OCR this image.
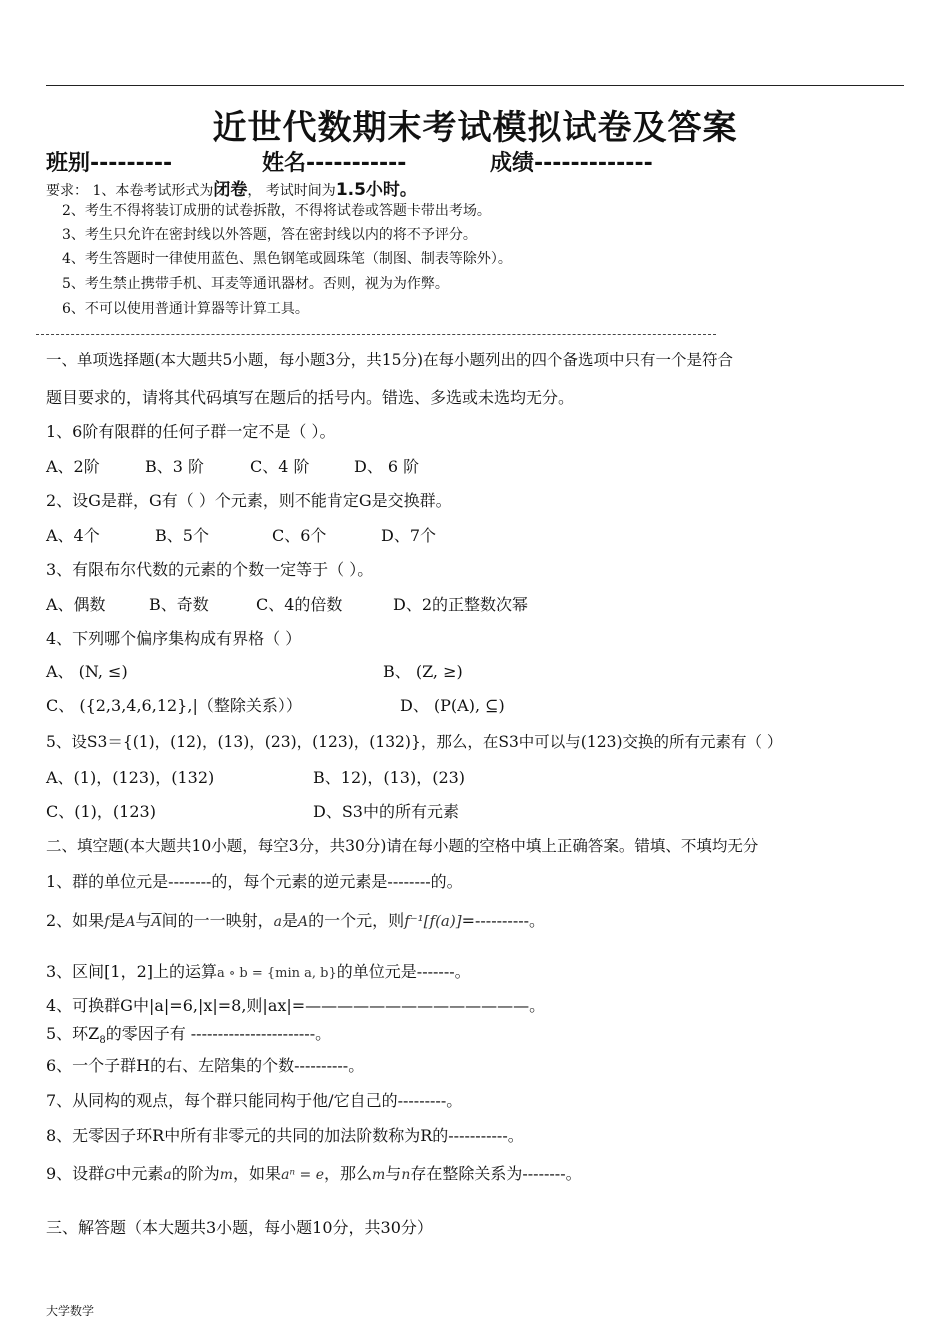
近世代数期末考试模拟试卷及答案
班别---------	姓名-----------	成绩-------------
要求： 1、本卷考试形式为闭卷， 考试时间为1.5小时。
2、考生不得将装订成册的试卷拆散，不得将试卷或答题卡带出考场。
3、考生只允许在密封线以外答题，答在密封线以内的将不予评分。
4、考生答题时一律使用蓝色、黑色钢笔或圆珠笔（制图、制表等除外）。
5、考生禁止携带手机、耳麦等通讯器材。否则，视为为作弊。
6、不可以使用普通计算器等计算工具。
一、单项选择题(本大题共5小题，每小题3分，共15分)在每小题列出的四个备选项中只有一个是符合
题目要求的，请将其代码填写在题后的括号内。错选、多选或未选均无分。
1、6阶有限群的任何子群一定不是（ ）。
A、2阶	B、3 阶	C、4 阶	D、 6 阶
2、设G是群，G有（ ）个元素，则不能肯定G是交换群。
A、4个	B、5个	C、6个	D、7个
3、有限布尔代数的元素的个数一定等于（ ）。
A、偶数	B、奇数	C、4的倍数	D、2的正整数次幂
4、下列哪个偏序集构成有界格（ ）
A、 (N, ≤)	B、 (Z, ≥)
C、 ({2,3,4,6,12},|（整除关系））	D、 (P(A), ⊆)
5、设S3＝{(1)，(12)，(13)，(23)，(123)，(132)}，那么，在S3中可以与(123)交换的所有元素有（ ）
A、(1)，(123)，(132)	B、12)，(13)，(23)
C、(1)，(123)	D、S3中的所有元素
二、填空题(本大题共10小题，每空3分，共30分)请在每小题的空格中填上正确答案。错填、不填均无分
1、群的单位元是--------的，每个元素的逆元素是--------的。
2、如果f是A与$\overline{A}$间的一一映射，a是A的一个元，则f⁻¹[f(a)]=----------。
3、区间[1，2]上的运算a ∘ b = {min a, b}的单位元是-------。
4、可换群G中|a|=6,|x|=8,则|ax|=——————————————。
5、环$Z_8$的零因子有 -----------------------。
6、一个子群H的右、左陪集的个数----------。
7、从同构的观点，每个群只能同构于他/它自己的---------。
8、无零因子环R中所有非零元的共同的加法阶数称为R的-----------。
9、设群G中元素a的阶为m，如果aⁿ = e，那么m与n存在整除关系为--------。
三、解答题（本大题共3小题，每小题10分，共30分）
大学数学
